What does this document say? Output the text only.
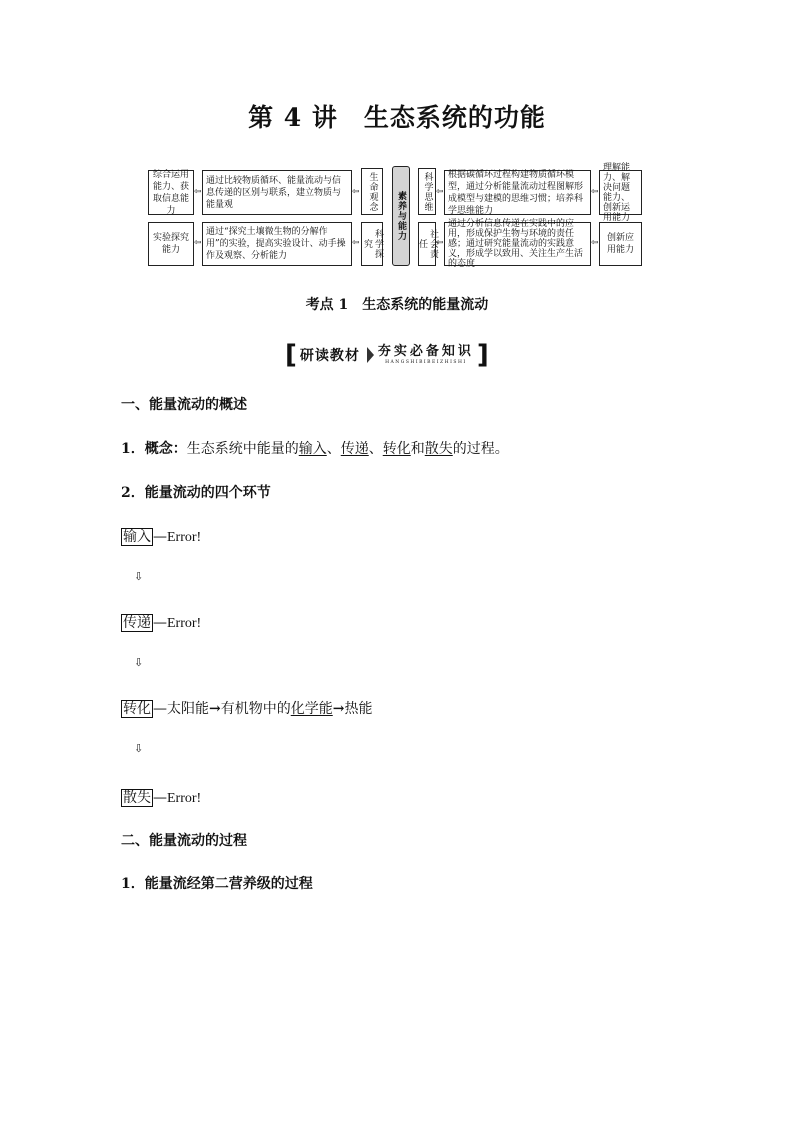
第 4 讲　生态系统的功能
综合运用能力、获取信息能力
⇦
通过比较物质循环、能量流动与信息传递的区别与联系，建立物质与能量观
⇦ 生命观念
实验探究能力
⇦
通过“探究土壤微生物的分解作用”的实验，提高实验设计、动手操作及观察、分析能力
⇦	科学探究
素养与能力 科学思维 ⇦
根据碳循环过程构建物质循环模型，通过分析能量流动过程图解形成模型与建模的思维习惯；培养科学思维能力
⇦
理解能力、解决问题能力、创新运用能力
社会责任	⇦
通过分析信息传递在实践中的应用，形成保护生物与环境的责任感；通过研究能量流动的实践意义，形成学以致用、关注生产生活的态度
⇦ 创新应用能力
考点 1　生态系统的能量流动
[ 研读教材 夯实必备知识
HANGSHIBIBEIZHISHI ]
一、能量流动的概述
1．概念：生态系统中能量的输入、传递、转化和散失的过程。
2．能量流动的四个环节
输入 —Error!
⇩
传递 —Error!
⇩
转化 —太阳能→有机物中的化学能→热能
⇩
散失 —Error!
二、能量流动的过程
1．能量流经第二营养级的过程
